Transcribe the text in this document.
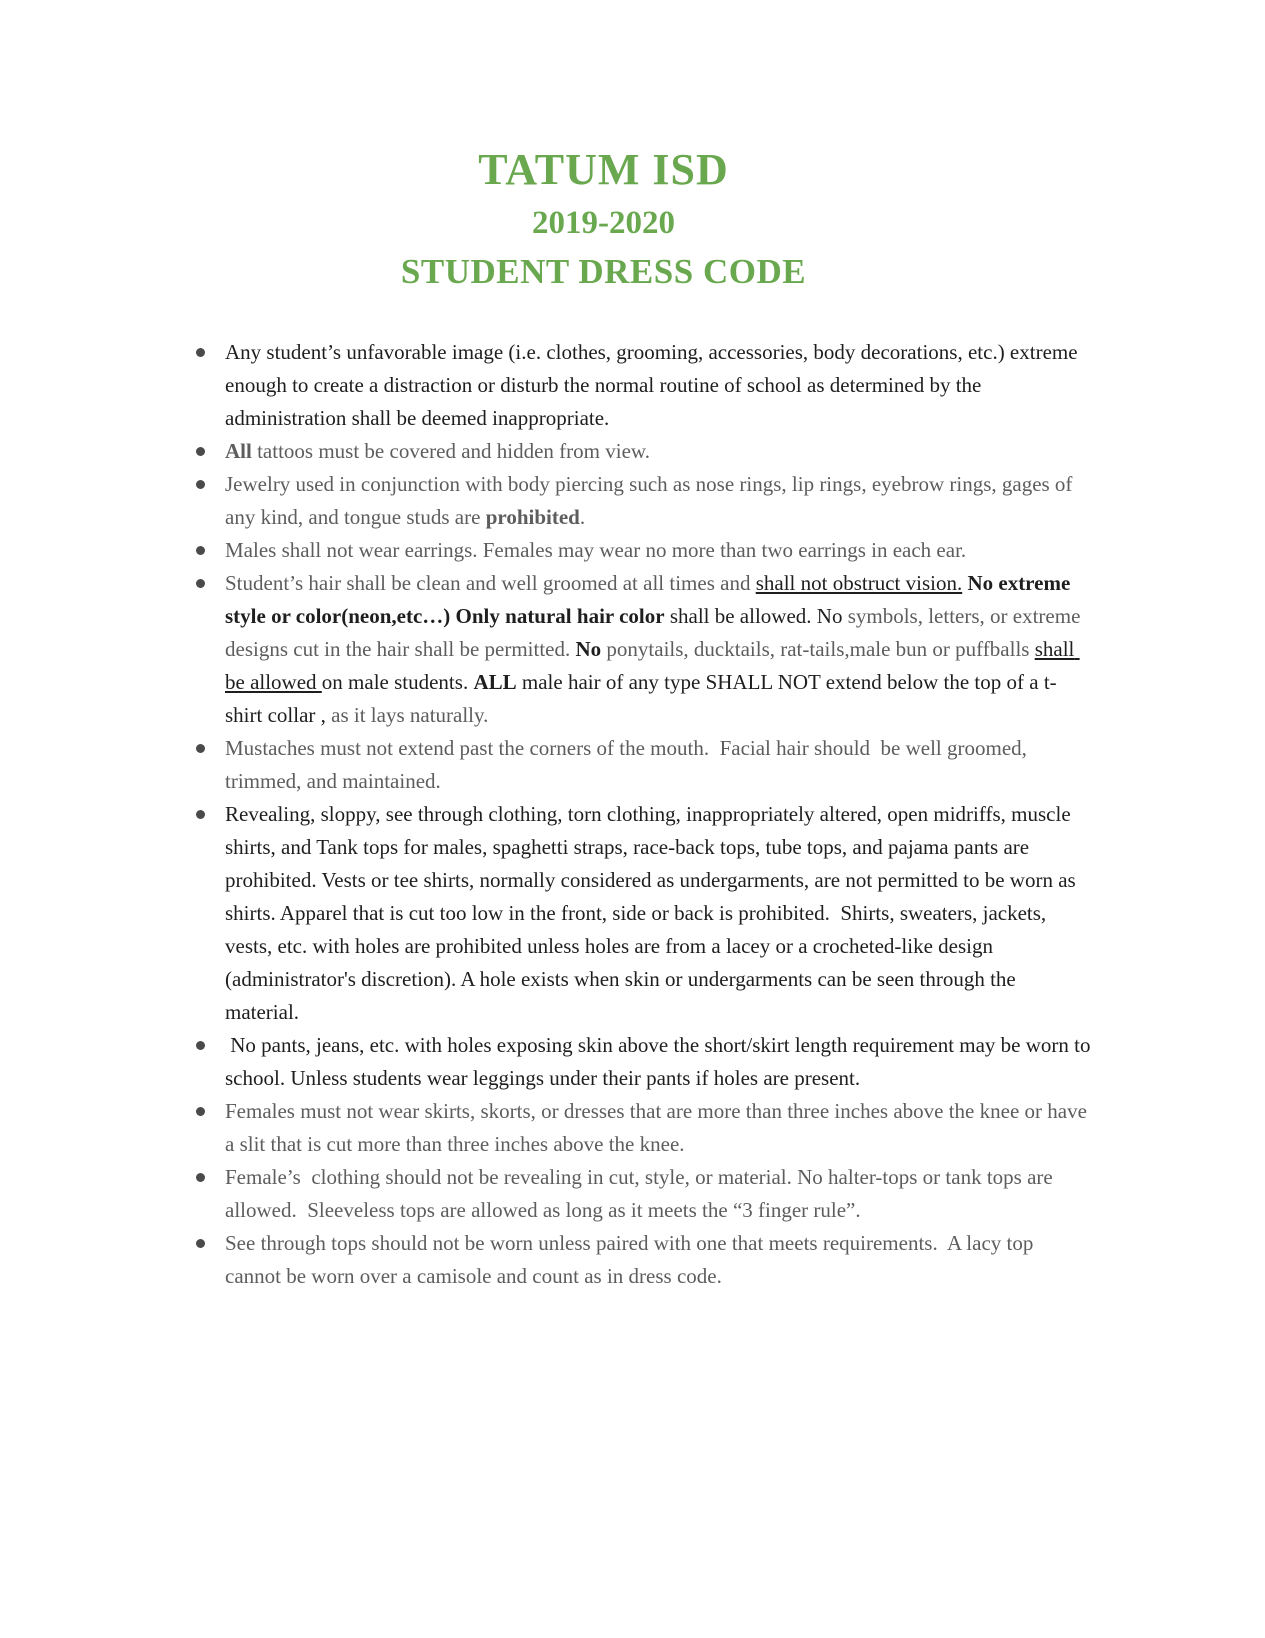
TATUM ISD
2019-2020
STUDENT DRESS CODE
Any student’s unfavorable image (i.e. clothes, grooming, accessories, body decorations, etc.) extreme enough to create a distraction or disturb the normal routine of school as determined by the administration shall be deemed inappropriate.
All tattoos must be covered and hidden from view.
Jewelry used in conjunction with body piercing such as nose rings, lip rings, eyebrow rings, gages of any kind, and tongue studs are prohibited.
Males shall not wear earrings. Females may wear no more than two earrings in each ear.
Student’s hair shall be clean and well groomed at all times and shall not obstruct vision. No extreme style or color(neon,etc…) Only natural hair color shall be allowed. No symbols, letters, or extreme designs cut in the hair shall be permitted. No ponytails, ducktails, rat-tails,male bun or puffballs shall be allowed on male students. ALL male hair of any type SHALL NOT extend below the top of a t-shirt collar , as it lays naturally.
Mustaches must not extend past the corners of the mouth.  Facial hair should  be well groomed, trimmed, and maintained.
Revealing, sloppy, see through clothing, torn clothing, inappropriately altered, open midriffs, muscle shirts, and Tank tops for males, spaghetti straps, race-back tops, tube tops, and pajama pants are prohibited. Vests or tee shirts, normally considered as undergarments, are not permitted to be worn as shirts. Apparel that is cut too low in the front, side or back is prohibited.  Shirts, sweaters, jackets, vests, etc. with holes are prohibited unless holes are from a lacey or a crocheted-like design (administrator's discretion). A hole exists when skin or undergarments can be seen through the material.
No pants, jeans, etc. with holes exposing skin above the short/skirt length requirement may be worn to school. Unless students wear leggings under their pants if holes are present.
Females must not wear skirts, skorts, or dresses that are more than three inches above the knee or have a slit that is cut more than three inches above the knee.
Female’s  clothing should not be revealing in cut, style, or material. No halter-tops or tank tops are allowed.  Sleeveless tops are allowed as long as it meets the “3 finger rule”.
See through tops should not be worn unless paired with one that meets requirements.  A lacy top cannot be worn over a camisole and count as in dress code.
